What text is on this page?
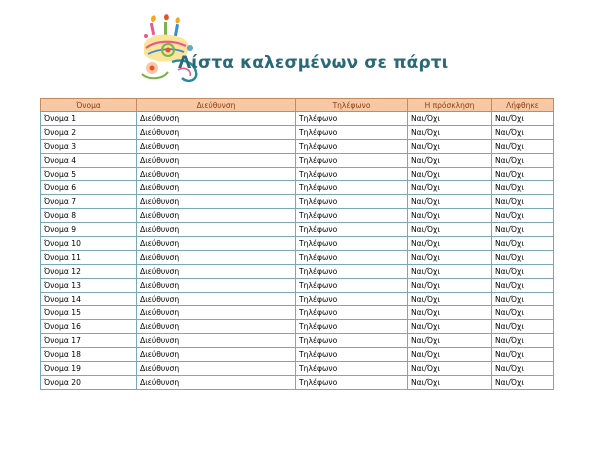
Λίστα καλεσμένων σε πάρτι
Όνομα	Διεύθυνση	Τηλέφωνο	Η πρόσκληση	Λήφθηκε
Όνομα 1	Διεύθυνση	Τηλέφωνο	Ναι/Όχι	Ναι/Όχι
Όνομα 2	Διεύθυνση	Τηλέφωνο	Ναι/Όχι	Ναι/Όχι
Όνομα 3	Διεύθυνση	Τηλέφωνο	Ναι/Όχι	Ναι/Όχι
Όνομα 4	Διεύθυνση	Τηλέφωνο	Ναι/Όχι	Ναι/Όχι
Όνομα 5	Διεύθυνση	Τηλέφωνο	Ναι/Όχι	Ναι/Όχι
Όνομα 6	Διεύθυνση	Τηλέφωνο	Ναι/Όχι	Ναι/Όχι
Όνομα 7	Διεύθυνση	Τηλέφωνο	Ναι/Όχι	Ναι/Όχι
Όνομα 8	Διεύθυνση	Τηλέφωνο	Ναι/Όχι	Ναι/Όχι
Όνομα 9	Διεύθυνση	Τηλέφωνο	Ναι/Όχι	Ναι/Όχι
Όνομα 10	Διεύθυνση	Τηλέφωνο	Ναι/Όχι	Ναι/Όχι
Όνομα 11	Διεύθυνση	Τηλέφωνο	Ναι/Όχι	Ναι/Όχι
Όνομα 12	Διεύθυνση	Τηλέφωνο	Ναι/Όχι	Ναι/Όχι
Όνομα 13	Διεύθυνση	Τηλέφωνο	Ναι/Όχι	Ναι/Όχι
Όνομα 14	Διεύθυνση	Τηλέφωνο	Ναι/Όχι	Ναι/Όχι
Όνομα 15	Διεύθυνση	Τηλέφωνο	Ναι/Όχι	Ναι/Όχι
Όνομα 16	Διεύθυνση	Τηλέφωνο	Ναι/Όχι	Ναι/Όχι
Όνομα 17	Διεύθυνση	Τηλέφωνο	Ναι/Όχι	Ναι/Όχι
Όνομα 18	Διεύθυνση	Τηλέφωνο	Ναι/Όχι	Ναι/Όχι
Όνομα 19	Διεύθυνση	Τηλέφωνο	Ναι/Όχι	Ναι/Όχι
Όνομα 20	Διεύθυνση	Τηλέφωνο	Ναι/Όχι	Ναι/Όχι
